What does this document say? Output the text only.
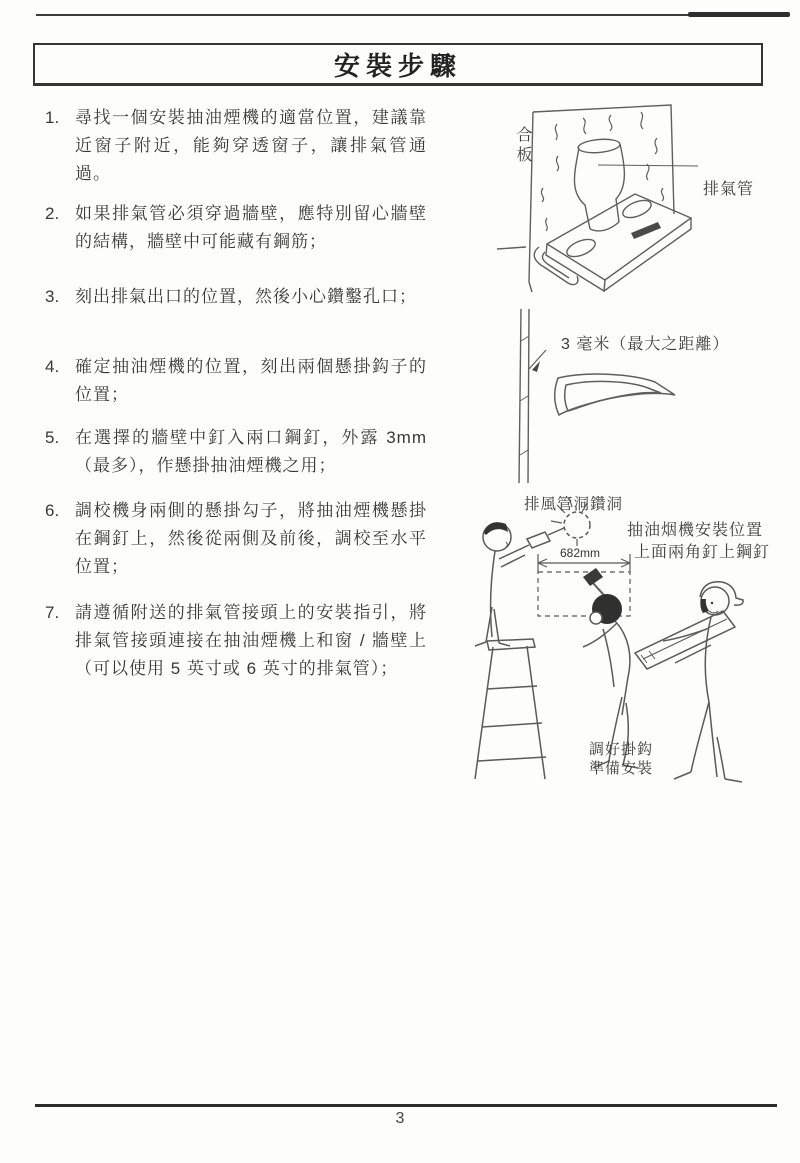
安裝步驟
1. 尋找一個安裝抽油煙機的適當位置，建議靠近窗子附近，能夠穿透窗子，讓排氣管通過。
2. 如果排氣管必須穿過牆壁，應特別留心牆壁的結構，牆壁中可能藏有鋼筋；
3. 刻出排氣出口的位置，然後小心鑽鑿孔口；
4. 確定抽油煙機的位置，刻出兩個懸掛鈎子的位置；
5. 在選擇的牆壁中釘入兩口鋼釘，外露 3mm（最多），作懸掛抽油煙機之用；
6. 調校機身兩側的懸掛勾子，將抽油煙機懸掛在鋼釘上，然後從兩側及前後，調校至水平位置；
7. 請遵循附送的排氣管接頭上的安裝指引，將排氣管接頭連接在抽油煙機上和窗 / 牆壁上（可以使用 5 英寸或 6 英寸的排氣管）；
合板
排氣管
3 毫米（最大之距離）
排風管洞鑽洞
抽油烟機安裝位置
上面兩角釘上鋼釘
682mm
調好掛鈎
準備安裝
3
